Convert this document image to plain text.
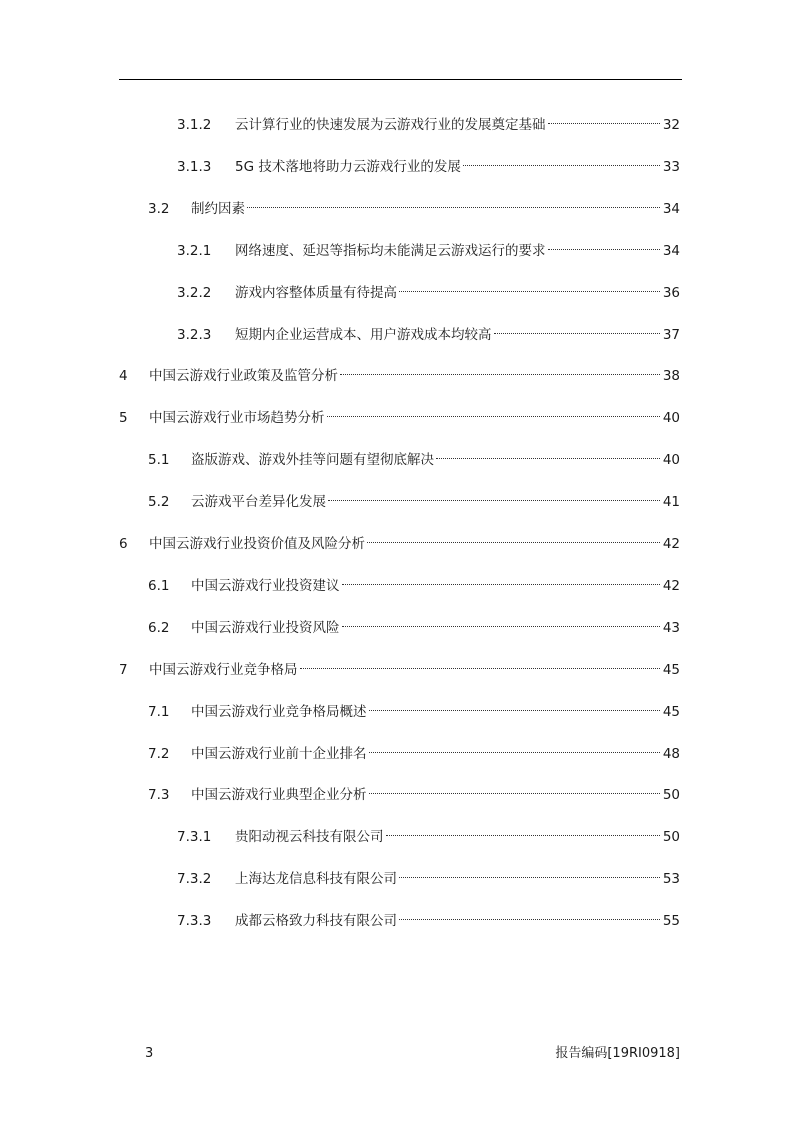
3.1.2	云计算行业的快速发展为云游戏行业的发展奠定基础	32
3.1.3	5G 技术落地将助力云游戏行业的发展	33
3.2	制约因素	34
3.2.1	网络速度、延迟等指标均未能满足云游戏运行的要求	34
3.2.2	游戏内容整体质量有待提高	36
3.2.3	短期内企业运营成本、用户游戏成本均较高	37
4	中国云游戏行业政策及监管分析	38
5	中国云游戏行业市场趋势分析	40
5.1	盗版游戏、游戏外挂等问题有望彻底解决	40
5.2	云游戏平台差异化发展	41
6	中国云游戏行业投资价值及风险分析	42
6.1	中国云游戏行业投资建议	42
6.2	中国云游戏行业投资风险	43
7	中国云游戏行业竞争格局	45
7.1	中国云游戏行业竞争格局概述	45
7.2	中国云游戏行业前十企业排名	48
7.3	中国云游戏行业典型企业分析	50
7.3.1	贵阳动视云科技有限公司	50
7.3.2	上海达龙信息科技有限公司	53
7.3.3	成都云格致力科技有限公司	55
3	报告编码[19RI0918]
